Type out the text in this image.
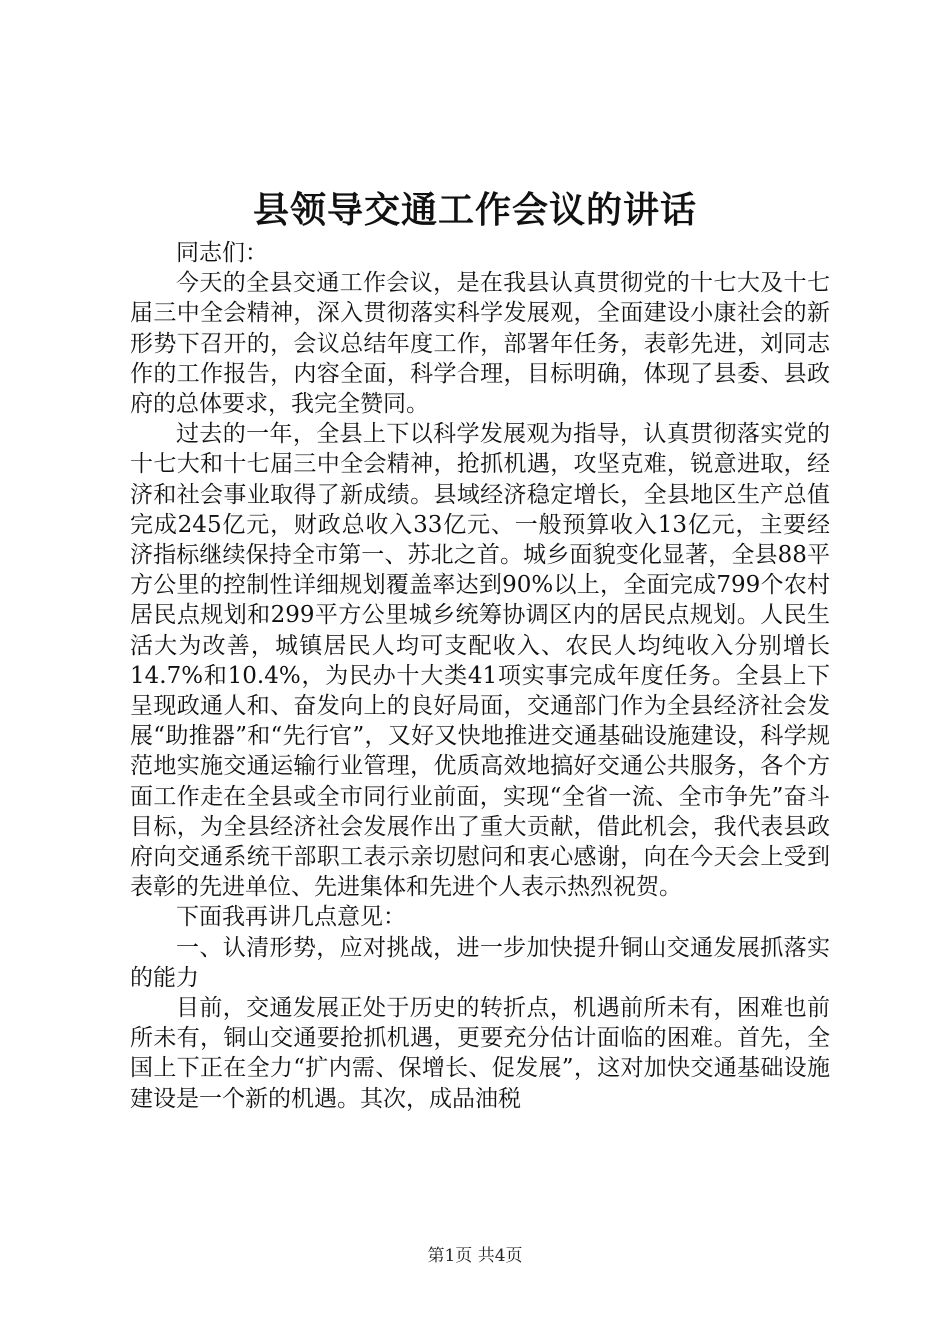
县领导交通工作会议的讲话

同志们：

今天的全县交通工作会议，是在我县认真贯彻党的十七大及十七届三中全会精神，深入贯彻落实科学发展观，全面建设小康社会的新形势下召开的，会议总结年度工作，部署年任务，表彰先进，刘同志作的工作报告，内容全面，科学合理，目标明确，体现了县委、县政府的总体要求，我完全赞同。

过去的一年，全县上下以科学发展观为指导，认真贯彻落实党的十七大和十七届三中全会精神，抢抓机遇，攻坚克难，锐意进取，经济和社会事业取得了新成绩。县域经济稳定增长，全县地区生产总值完成245亿元，财政总收入33亿元、一般预算收入13亿元，主要经济指标继续保持全市第一、苏北之首。城乡面貌变化显著，全县88平方公里的控制性详细规划覆盖率达到90%以上，全面完成799个农村居民点规划和299平方公里城乡统筹协调区内的居民点规划。人民生活大为改善，城镇居民人均可支配收入、农民人均纯收入分别增长14.7%和10.4%，为民办十大类41项实事完成年度任务。全县上下呈现政通人和、奋发向上的良好局面，交通部门作为全县经济社会发展“助推器”和“先行官”，又好又快地推进交通基础设施建设，科学规范地实施交通运输行业管理，优质高效地搞好交通公共服务，各个方面工作走在全县或全市同行业前面，实现“全省一流、全市争先”奋斗目标，为全县经济社会发展作出了重大贡献，借此机会，我代表县政府向交通系统干部职工表示亲切慰问和衷心感谢，向在今天会上受到表彰的先进单位、先进集体和先进个人表示热烈祝贺。

下面我再讲几点意见：

一、认清形势，应对挑战，进一步加快提升铜山交通发展抓落实的能力

目前，交通发展正处于历史的转折点，机遇前所未有，困难也前所未有，铜山交通要抢抓机遇，更要充分估计面临的困难。首先，全国上下正在全力“扩内需、保增长、促发展”，这对加快交通基础设施建设是一个新的机遇。其次，成品油税

第1页 共4页
